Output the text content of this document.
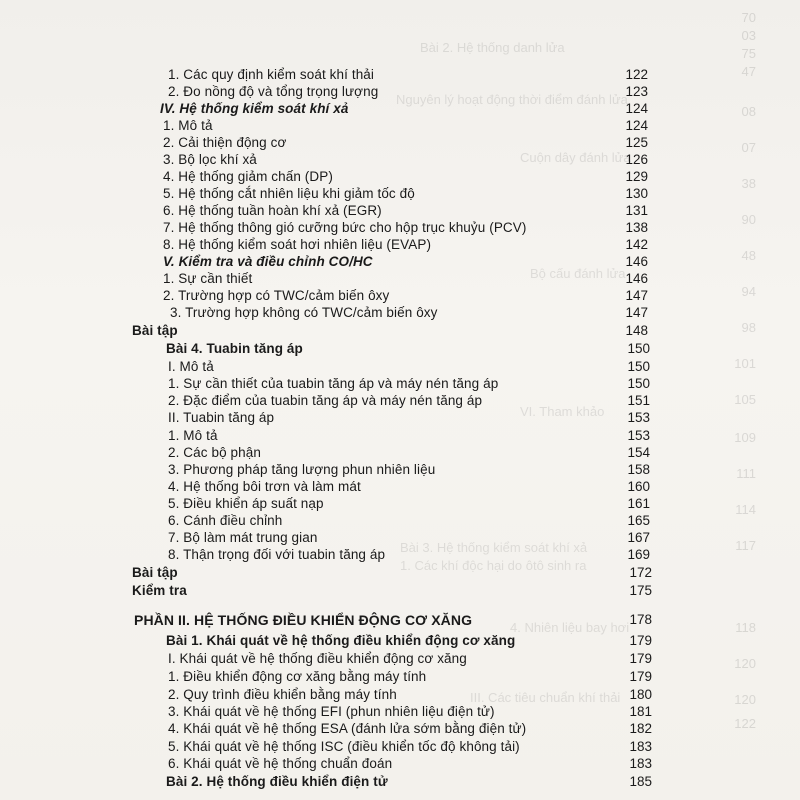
70
03
75
47
08
07
38
90
48
94
98
101
105
109
111
114
117
118
120
120
122
Bài 2. Hệ thống danh lửa
Nguyên lý hoạt động thời điểm đánh lửa
Cuộn dây đánh lửa
Bộ cấu đánh lửa
VI. Tham khảo
Bài 3. Hệ thống kiểm soát khí xả
1. Các khí độc hại do ôtô sinh ra
4. Nhiên liệu bay hơi
III. Các tiêu chuẩn khí thải
1. Các quy định kiểm soát khí thải	122
2. Đo nồng độ và tổng trọng lượng	123
IV. Hệ thống kiểm soát khí xả	124
1. Mô tả	124
2. Cải thiện động cơ	125
3. Bộ lọc khí xả	126
4. Hệ thống giảm chấn (DP)	129
5. Hệ thống cắt nhiên liệu khi giảm tốc độ	130
6. Hệ thống tuần hoàn khí xả (EGR)	131
7. Hệ thống thông gió cưỡng bức cho hộp trục khuỷu (PCV)	138
8. Hệ thống kiểm soát hơi nhiên liệu (EVAP)	142
V. Kiểm tra và điều chỉnh CO/HC	146
1. Sự cần thiết	146
2. Trường hợp có TWC/cảm biến ôxy	147
3. Trường hợp không có TWC/cảm biến ôxy	147
Bài tập	148
Bài 4. Tuabin tăng áp	150
I. Mô tả	150
1. Sự cần thiết của tuabin tăng áp và máy nén tăng áp	150
2. Đặc điểm của tuabin tăng áp và máy nén tăng áp	151
II. Tuabin tăng áp	153
1. Mô tả	153
2. Các bộ phận	154
3. Phương pháp tăng lượng phun nhiên liệu	158
4. Hệ thống bôi trơn và làm mát	160
5. Điều khiển áp suất nạp	161
6. Cánh điều chỉnh	165
7. Bộ làm mát trung gian	167
8. Thận trọng đối với tuabin tăng áp	169
Bài tập	172
Kiểm tra	175
PHẦN II. HỆ THỐNG ĐIỀU KHIỂN ĐỘNG CƠ XĂNG	178
Bài 1. Khái quát về hệ thống điều khiển động cơ xăng	179
I. Khái quát về hệ thống điều khiển động cơ xăng	179
1. Điều khiển động cơ xăng bằng máy tính	179
2. Quy trình điều khiển bằng máy tính	180
3. Khái quát về hệ thống EFI (phun nhiên liệu điện tử)	181
4. Khái quát về hệ thống ESA (đánh lửa sớm bằng điện tử)	182
5. Khái quát về hệ thống ISC (điều khiển tốc độ không tải)	183
6. Khái quát về hệ thống chuẩn đoán	183
Bài 2. Hệ thống điều khiển điện tử	185
